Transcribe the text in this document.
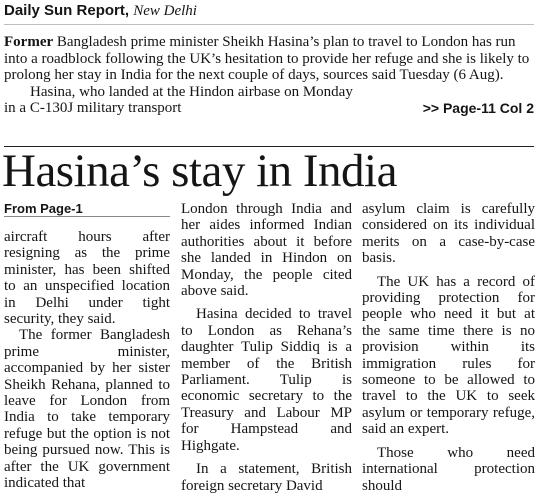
Daily Sun Report, New Delhi

Former Bangladesh prime minister Sheikh Hasina’s plan to travel to London has run into a roadblock following the UK’s hesitation to provide her refuge and she is likely to prolong her stay in India for the next couple of days, sources said Tuesday (6 Aug).

Hasina, who landed at the Hindon airbase on Monday

in a C-130J military transport	>> Page-11 Col 2
Hasina’s stay in India
From Page-1

aircraft hours after resigning as the prime minister, has been shifted to an unspecified location in Delhi under tight security, they said.

The former Bangladesh prime minister, accompanied by her sister Sheikh Rehana, planned to leave for London from India to take temporary refuge but the option is not being pursued now. This is after the UK government indicated that

London through India and her aides informed Indian authorities about it before she landed in Hindon on Monday, the people cited above said.

Hasina decided to travel to London as Rehana’s daughter Tulip Siddiq is a member of the British Parliament. Tulip is economic secretary to the Treasury and Labour MP for Hampstead and Highgate.

In a statement, British foreign secretary David

asylum claim is carefully considered on its individual merits on a case-by-case basis.

The UK has a record of providing protection for people who need it but at the same time there is no provision within its immigration rules for someone to be allowed to travel to the UK to seek asylum or temporary refuge, said an expert.

Those who need international protection should
